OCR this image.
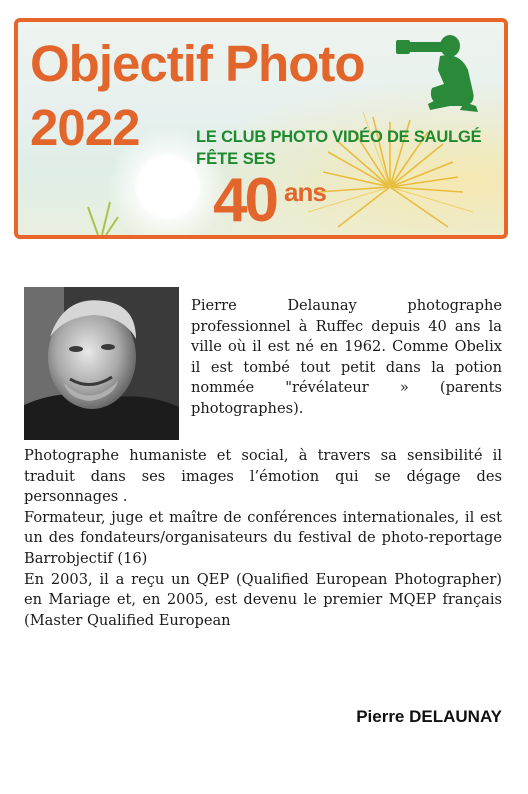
Objectif Photo
2022	LE CLUB PHOTO VIDÉO DE SAULGÉ
FÊTE SES
40 ans

Pierre Delaunay photographe professionnel à Ruffec depuis 40 ans la ville où il est né en 1962. Comme Obelix il est tombé tout petit dans la potion nommée "révélateur » (parents photographes).

Photographe humaniste et social, à travers sa sensibilité il traduit dans ses images l’émotion qui se dégage des personnages .

Formateur, juge et maître de conférences internationales, il est un des fondateurs/organisateurs du festival de photo-reportage Barrobjectif (16)

En 2003, il a reçu un QEP (Qualified European Photographer) en Mariage et, en 2005, est devenu le premier MQEP français (Master Qualified European

Pierre DELAUNAY
